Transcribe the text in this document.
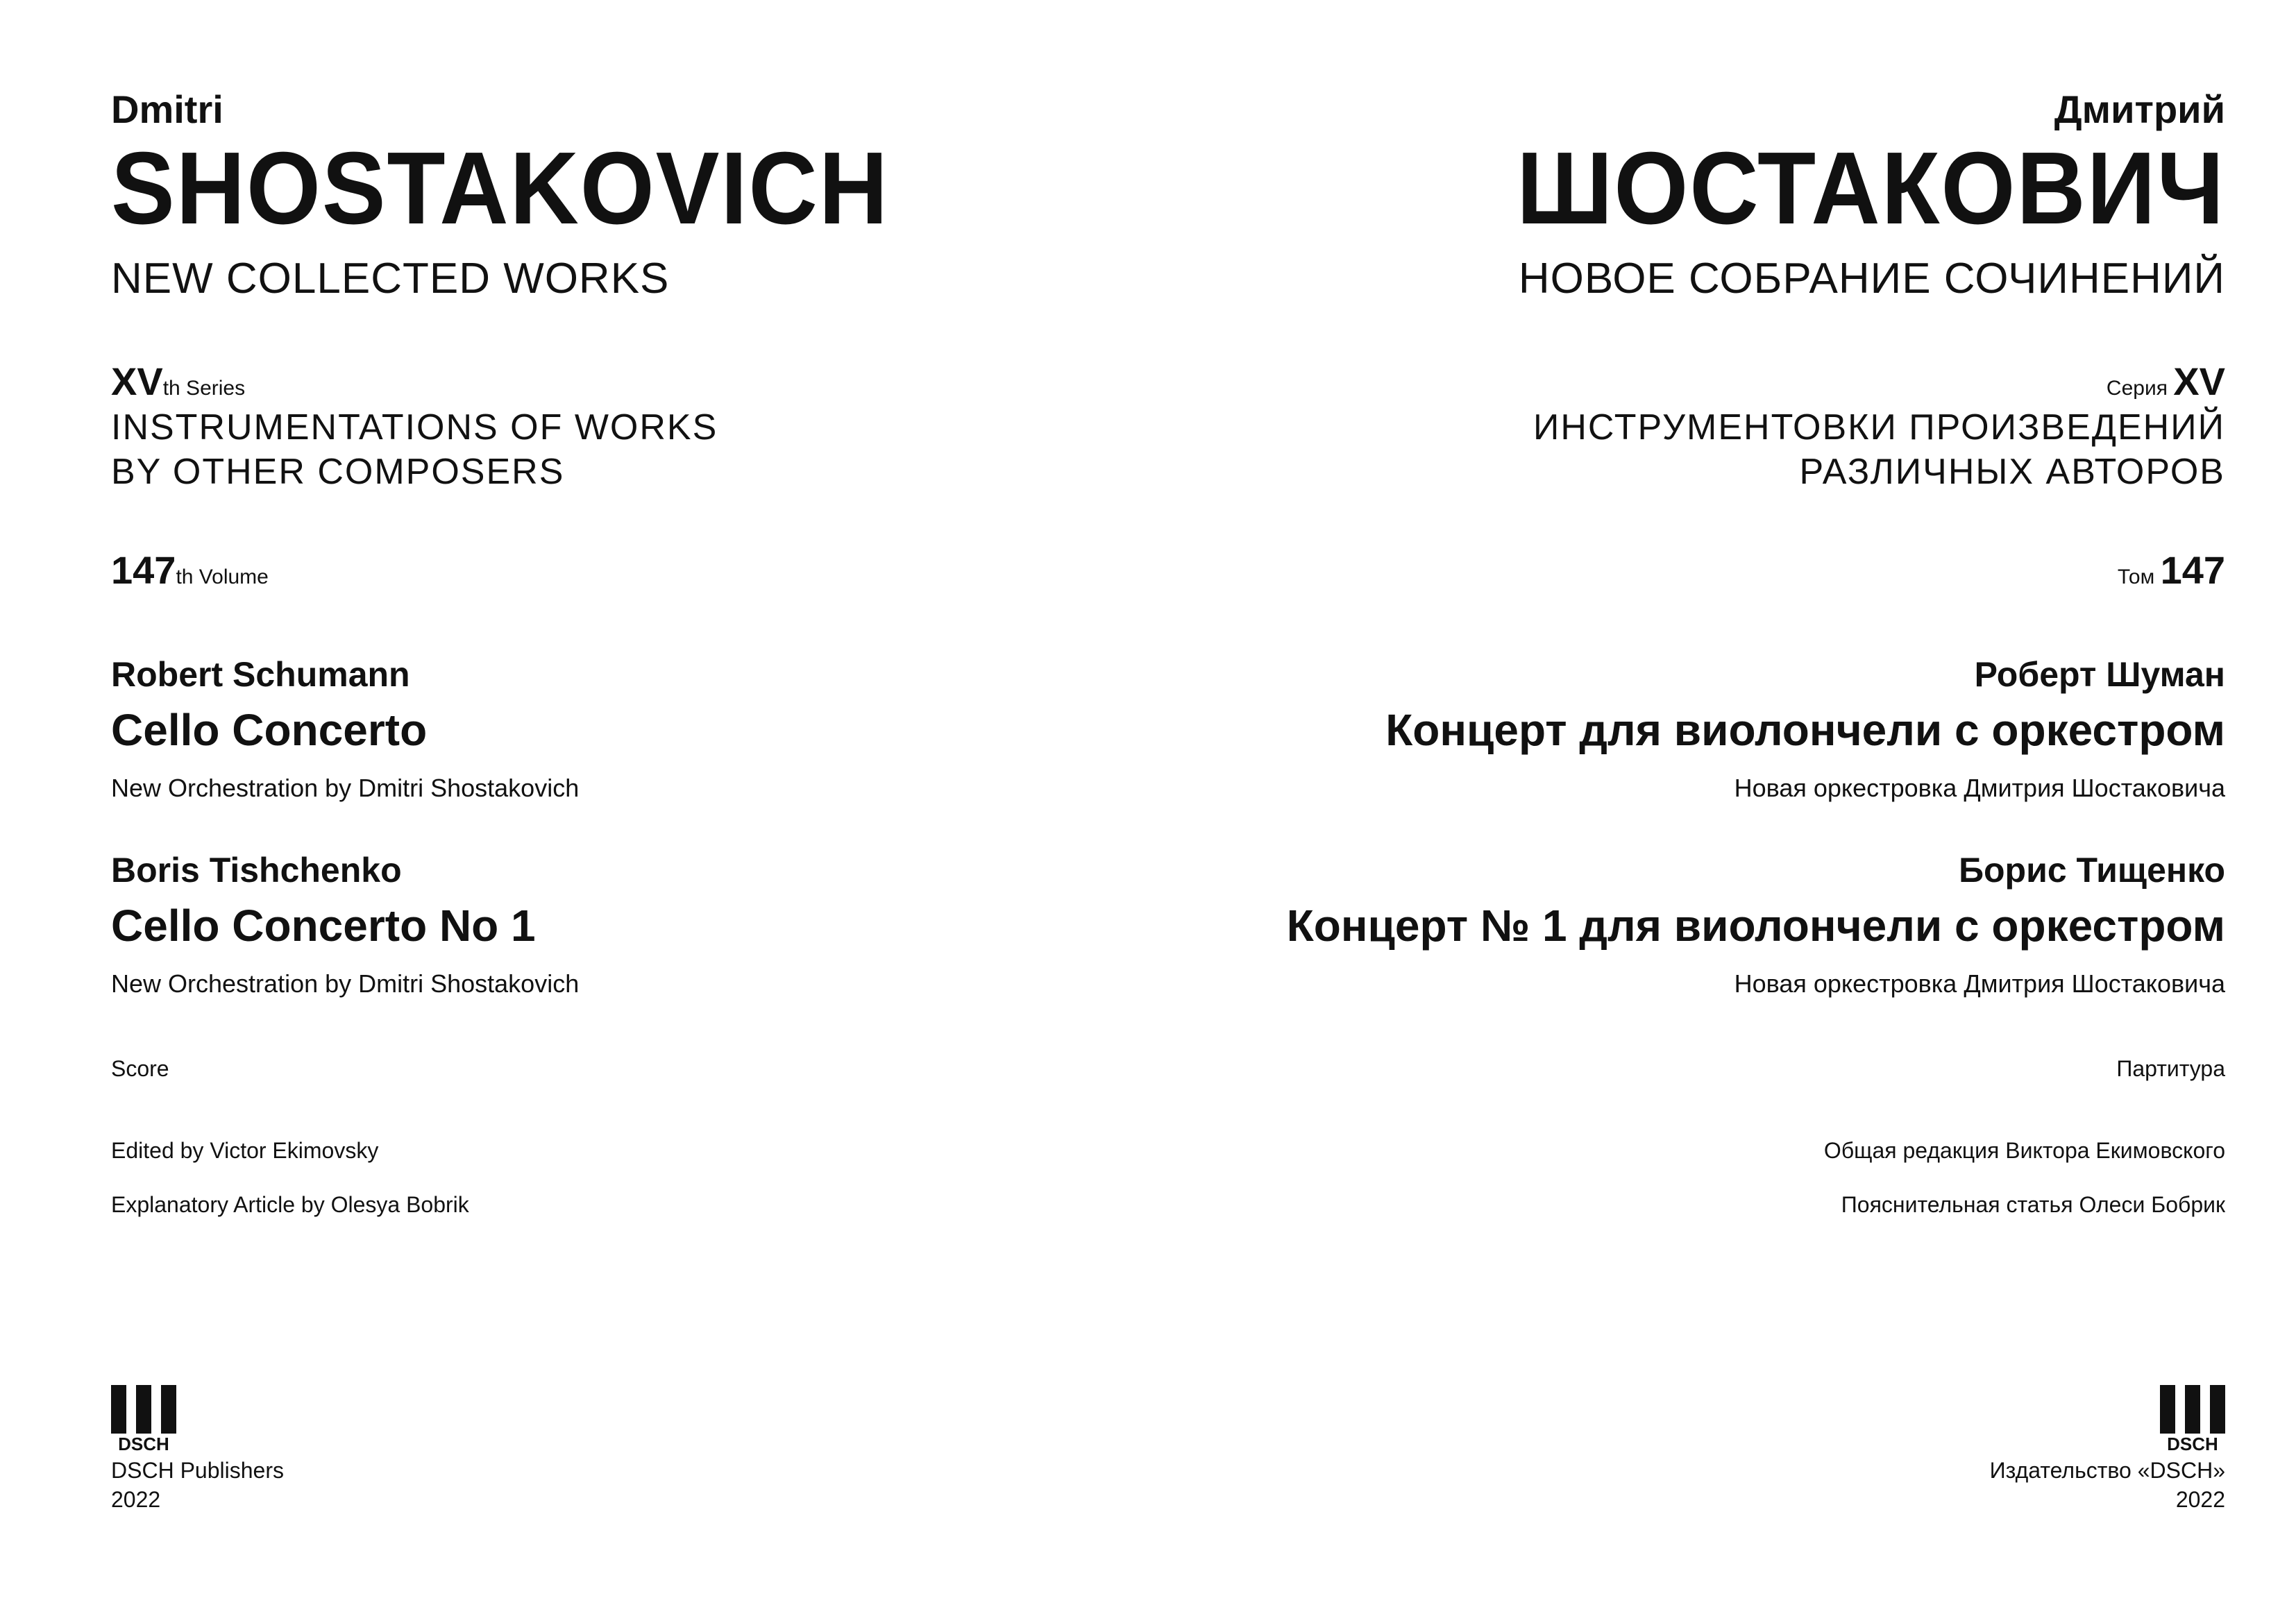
Dmitri
SHOSTAKOVICH
NEW COLLECTED WORKS
XVth Series
INSTRUMENTATIONS OF WORKS
BY OTHER COMPOSERS
147th Volume
Robert Schumann
Cello Concerto
New Orchestration by Dmitri Shostakovich
Boris Tishchenko
Cello Concerto No 1
New Orchestration by Dmitri Shostakovich
Score
Edited by Victor Ekimovsky
Explanatory Article by Olesya Bobrik
DSCH
DSCH Publishers
2022
Дмитрий
ШОСТАКОВИЧ
НОВОЕ СОБРАНИЕ СОЧИНЕНИЙ
Серия XV
ИНСТРУМЕНТОВКИ ПРОИЗВЕДЕНИЙ
РАЗЛИЧНЫХ АВТОРОВ
Том 147
Роберт Шуман
Концерт для виолончели с оркестром
Новая оркестровка Дмитрия Шостаковича
Борис Тищенко
Концерт № 1 для виолончели с оркестром
Новая оркестровка Дмитрия Шостаковича
Партитура
Общая редакция Виктора Екимовского
Пояснительная статья Олеси Бобрик
DSCH
Издательство «DSCH»
2022
